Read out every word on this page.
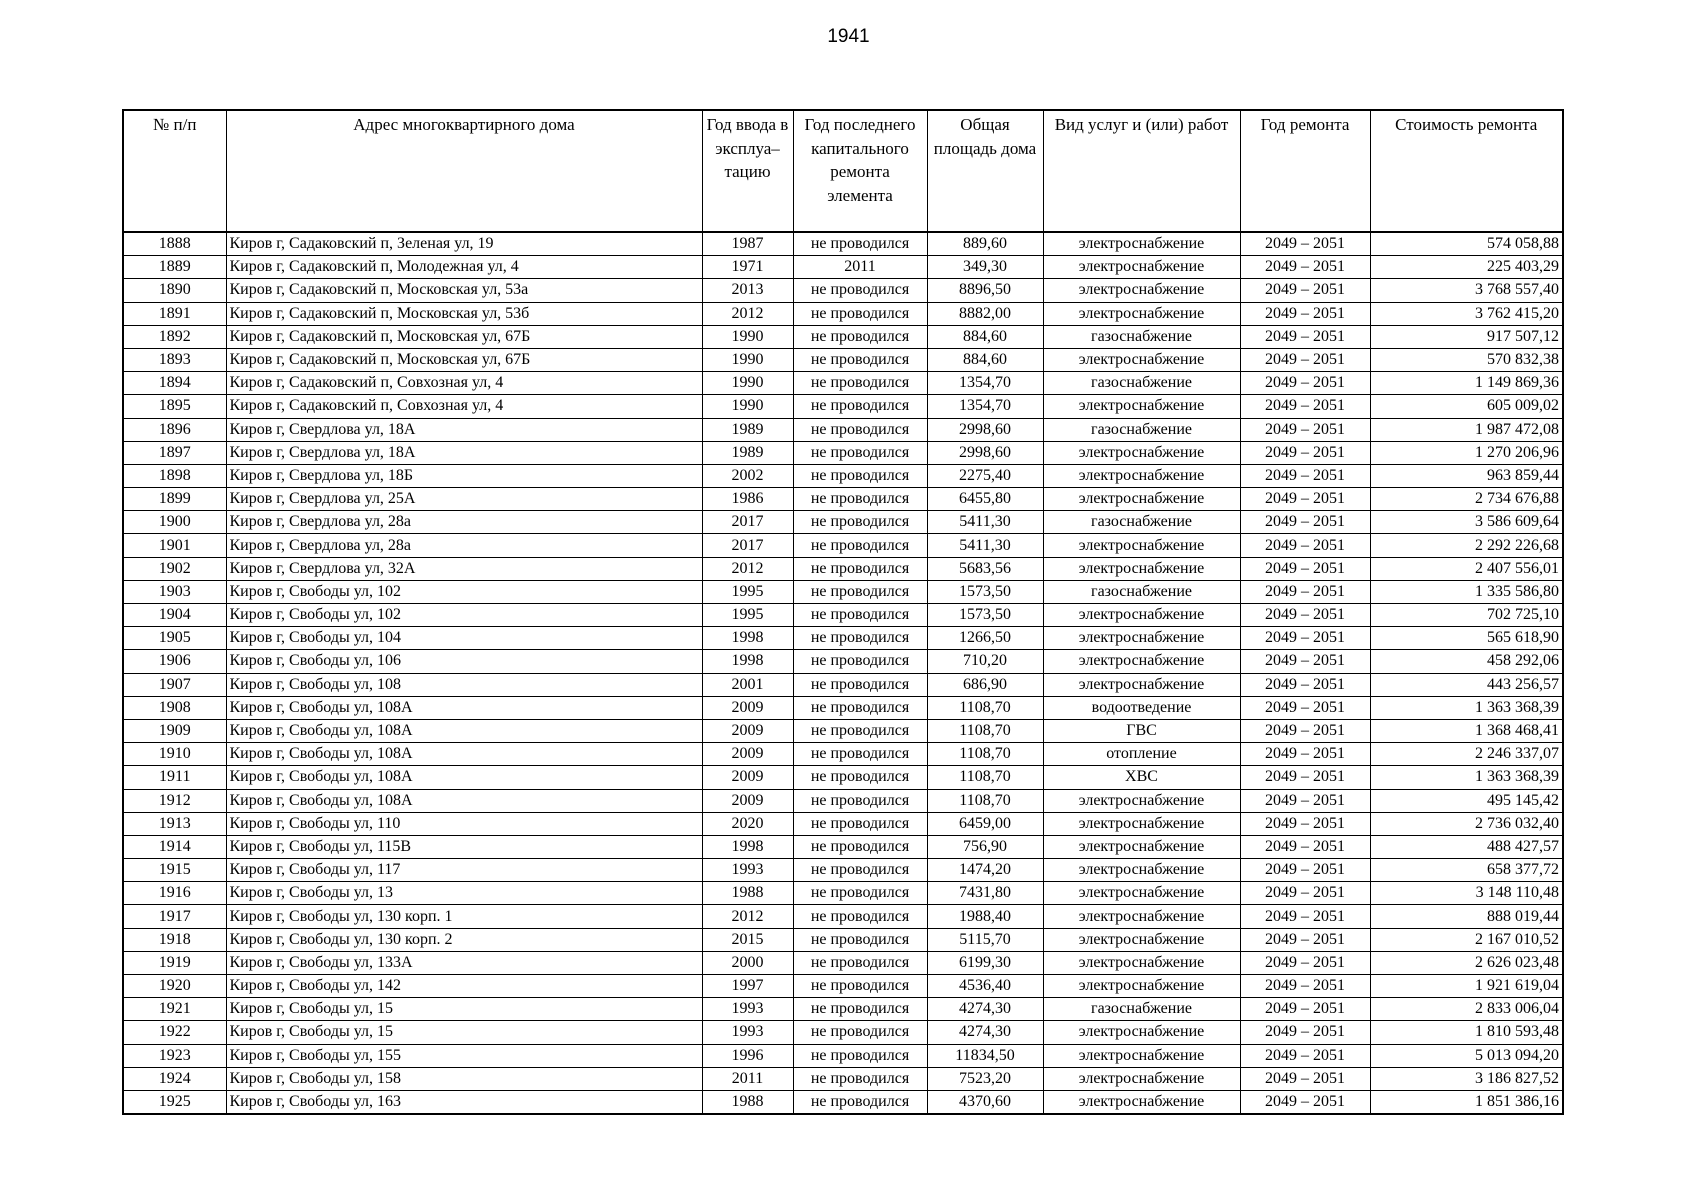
1941
№ п/п	Адрес многоквартирного дома	Год ввода в эксплуа–тацию	Год последнего капитального ремонта элемента	Общая площадь дома	Вид услуг и (или) работ	Год ремонта	Стоимость ремонта
1888	Киров г, Садаковский п, Зеленая ул, 19	1987	не проводился	889,60	электроснабжение	2049 – 2051	574 058,88
1889	Киров г, Садаковский п, Молодежная ул, 4	1971	2011	349,30	электроснабжение	2049 – 2051	225 403,29
1890	Киров г, Садаковский п, Московская ул, 53а	2013	не проводился	8896,50	электроснабжение	2049 – 2051	3 768 557,40
1891	Киров г, Садаковский п, Московская ул, 53б	2012	не проводился	8882,00	электроснабжение	2049 – 2051	3 762 415,20
1892	Киров г, Садаковский п, Московская ул, 67Б	1990	не проводился	884,60	газоснабжение	2049 – 2051	917 507,12
1893	Киров г, Садаковский п, Московская ул, 67Б	1990	не проводился	884,60	электроснабжение	2049 – 2051	570 832,38
1894	Киров г, Садаковский п, Совхозная ул, 4	1990	не проводился	1354,70	газоснабжение	2049 – 2051	1 149 869,36
1895	Киров г, Садаковский п, Совхозная ул, 4	1990	не проводился	1354,70	электроснабжение	2049 – 2051	605 009,02
1896	Киров г, Свердлова ул, 18А	1989	не проводился	2998,60	газоснабжение	2049 – 2051	1 987 472,08
1897	Киров г, Свердлова ул, 18А	1989	не проводился	2998,60	электроснабжение	2049 – 2051	1 270 206,96
1898	Киров г, Свердлова ул, 18Б	2002	не проводился	2275,40	электроснабжение	2049 – 2051	963 859,44
1899	Киров г, Свердлова ул, 25А	1986	не проводился	6455,80	электроснабжение	2049 – 2051	2 734 676,88
1900	Киров г, Свердлова ул, 28а	2017	не проводился	5411,30	газоснабжение	2049 – 2051	3 586 609,64
1901	Киров г, Свердлова ул, 28а	2017	не проводился	5411,30	электроснабжение	2049 – 2051	2 292 226,68
1902	Киров г, Свердлова ул, 32А	2012	не проводился	5683,56	электроснабжение	2049 – 2051	2 407 556,01
1903	Киров г, Свободы ул, 102	1995	не проводился	1573,50	газоснабжение	2049 – 2051	1 335 586,80
1904	Киров г, Свободы ул, 102	1995	не проводился	1573,50	электроснабжение	2049 – 2051	702 725,10
1905	Киров г, Свободы ул, 104	1998	не проводился	1266,50	электроснабжение	2049 – 2051	565 618,90
1906	Киров г, Свободы ул, 106	1998	не проводился	710,20	электроснабжение	2049 – 2051	458 292,06
1907	Киров г, Свободы ул, 108	2001	не проводился	686,90	электроснабжение	2049 – 2051	443 256,57
1908	Киров г, Свободы ул, 108А	2009	не проводился	1108,70	водоотведение	2049 – 2051	1 363 368,39
1909	Киров г, Свободы ул, 108А	2009	не проводился	1108,70	ГВС	2049 – 2051	1 368 468,41
1910	Киров г, Свободы ул, 108А	2009	не проводился	1108,70	отопление	2049 – 2051	2 246 337,07
1911	Киров г, Свободы ул, 108А	2009	не проводился	1108,70	ХВС	2049 – 2051	1 363 368,39
1912	Киров г, Свободы ул, 108А	2009	не проводился	1108,70	электроснабжение	2049 – 2051	495 145,42
1913	Киров г, Свободы ул, 110	2020	не проводился	6459,00	электроснабжение	2049 – 2051	2 736 032,40
1914	Киров г, Свободы ул, 115В	1998	не проводился	756,90	электроснабжение	2049 – 2051	488 427,57
1915	Киров г, Свободы ул, 117	1993	не проводился	1474,20	электроснабжение	2049 – 2051	658 377,72
1916	Киров г, Свободы ул, 13	1988	не проводился	7431,80	электроснабжение	2049 – 2051	3 148 110,48
1917	Киров г, Свободы ул, 130 корп. 1	2012	не проводился	1988,40	электроснабжение	2049 – 2051	888 019,44
1918	Киров г, Свободы ул, 130 корп. 2	2015	не проводился	5115,70	электроснабжение	2049 – 2051	2 167 010,52
1919	Киров г, Свободы ул, 133А	2000	не проводился	6199,30	электроснабжение	2049 – 2051	2 626 023,48
1920	Киров г, Свободы ул, 142	1997	не проводился	4536,40	электроснабжение	2049 – 2051	1 921 619,04
1921	Киров г, Свободы ул, 15	1993	не проводился	4274,30	газоснабжение	2049 – 2051	2 833 006,04
1922	Киров г, Свободы ул, 15	1993	не проводился	4274,30	электроснабжение	2049 – 2051	1 810 593,48
1923	Киров г, Свободы ул, 155	1996	не проводился	11834,50	электроснабжение	2049 – 2051	5 013 094,20
1924	Киров г, Свободы ул, 158	2011	не проводился	7523,20	электроснабжение	2049 – 2051	3 186 827,52
1925	Киров г, Свободы ул, 163	1988	не проводился	4370,60	электроснабжение	2049 – 2051	1 851 386,16
